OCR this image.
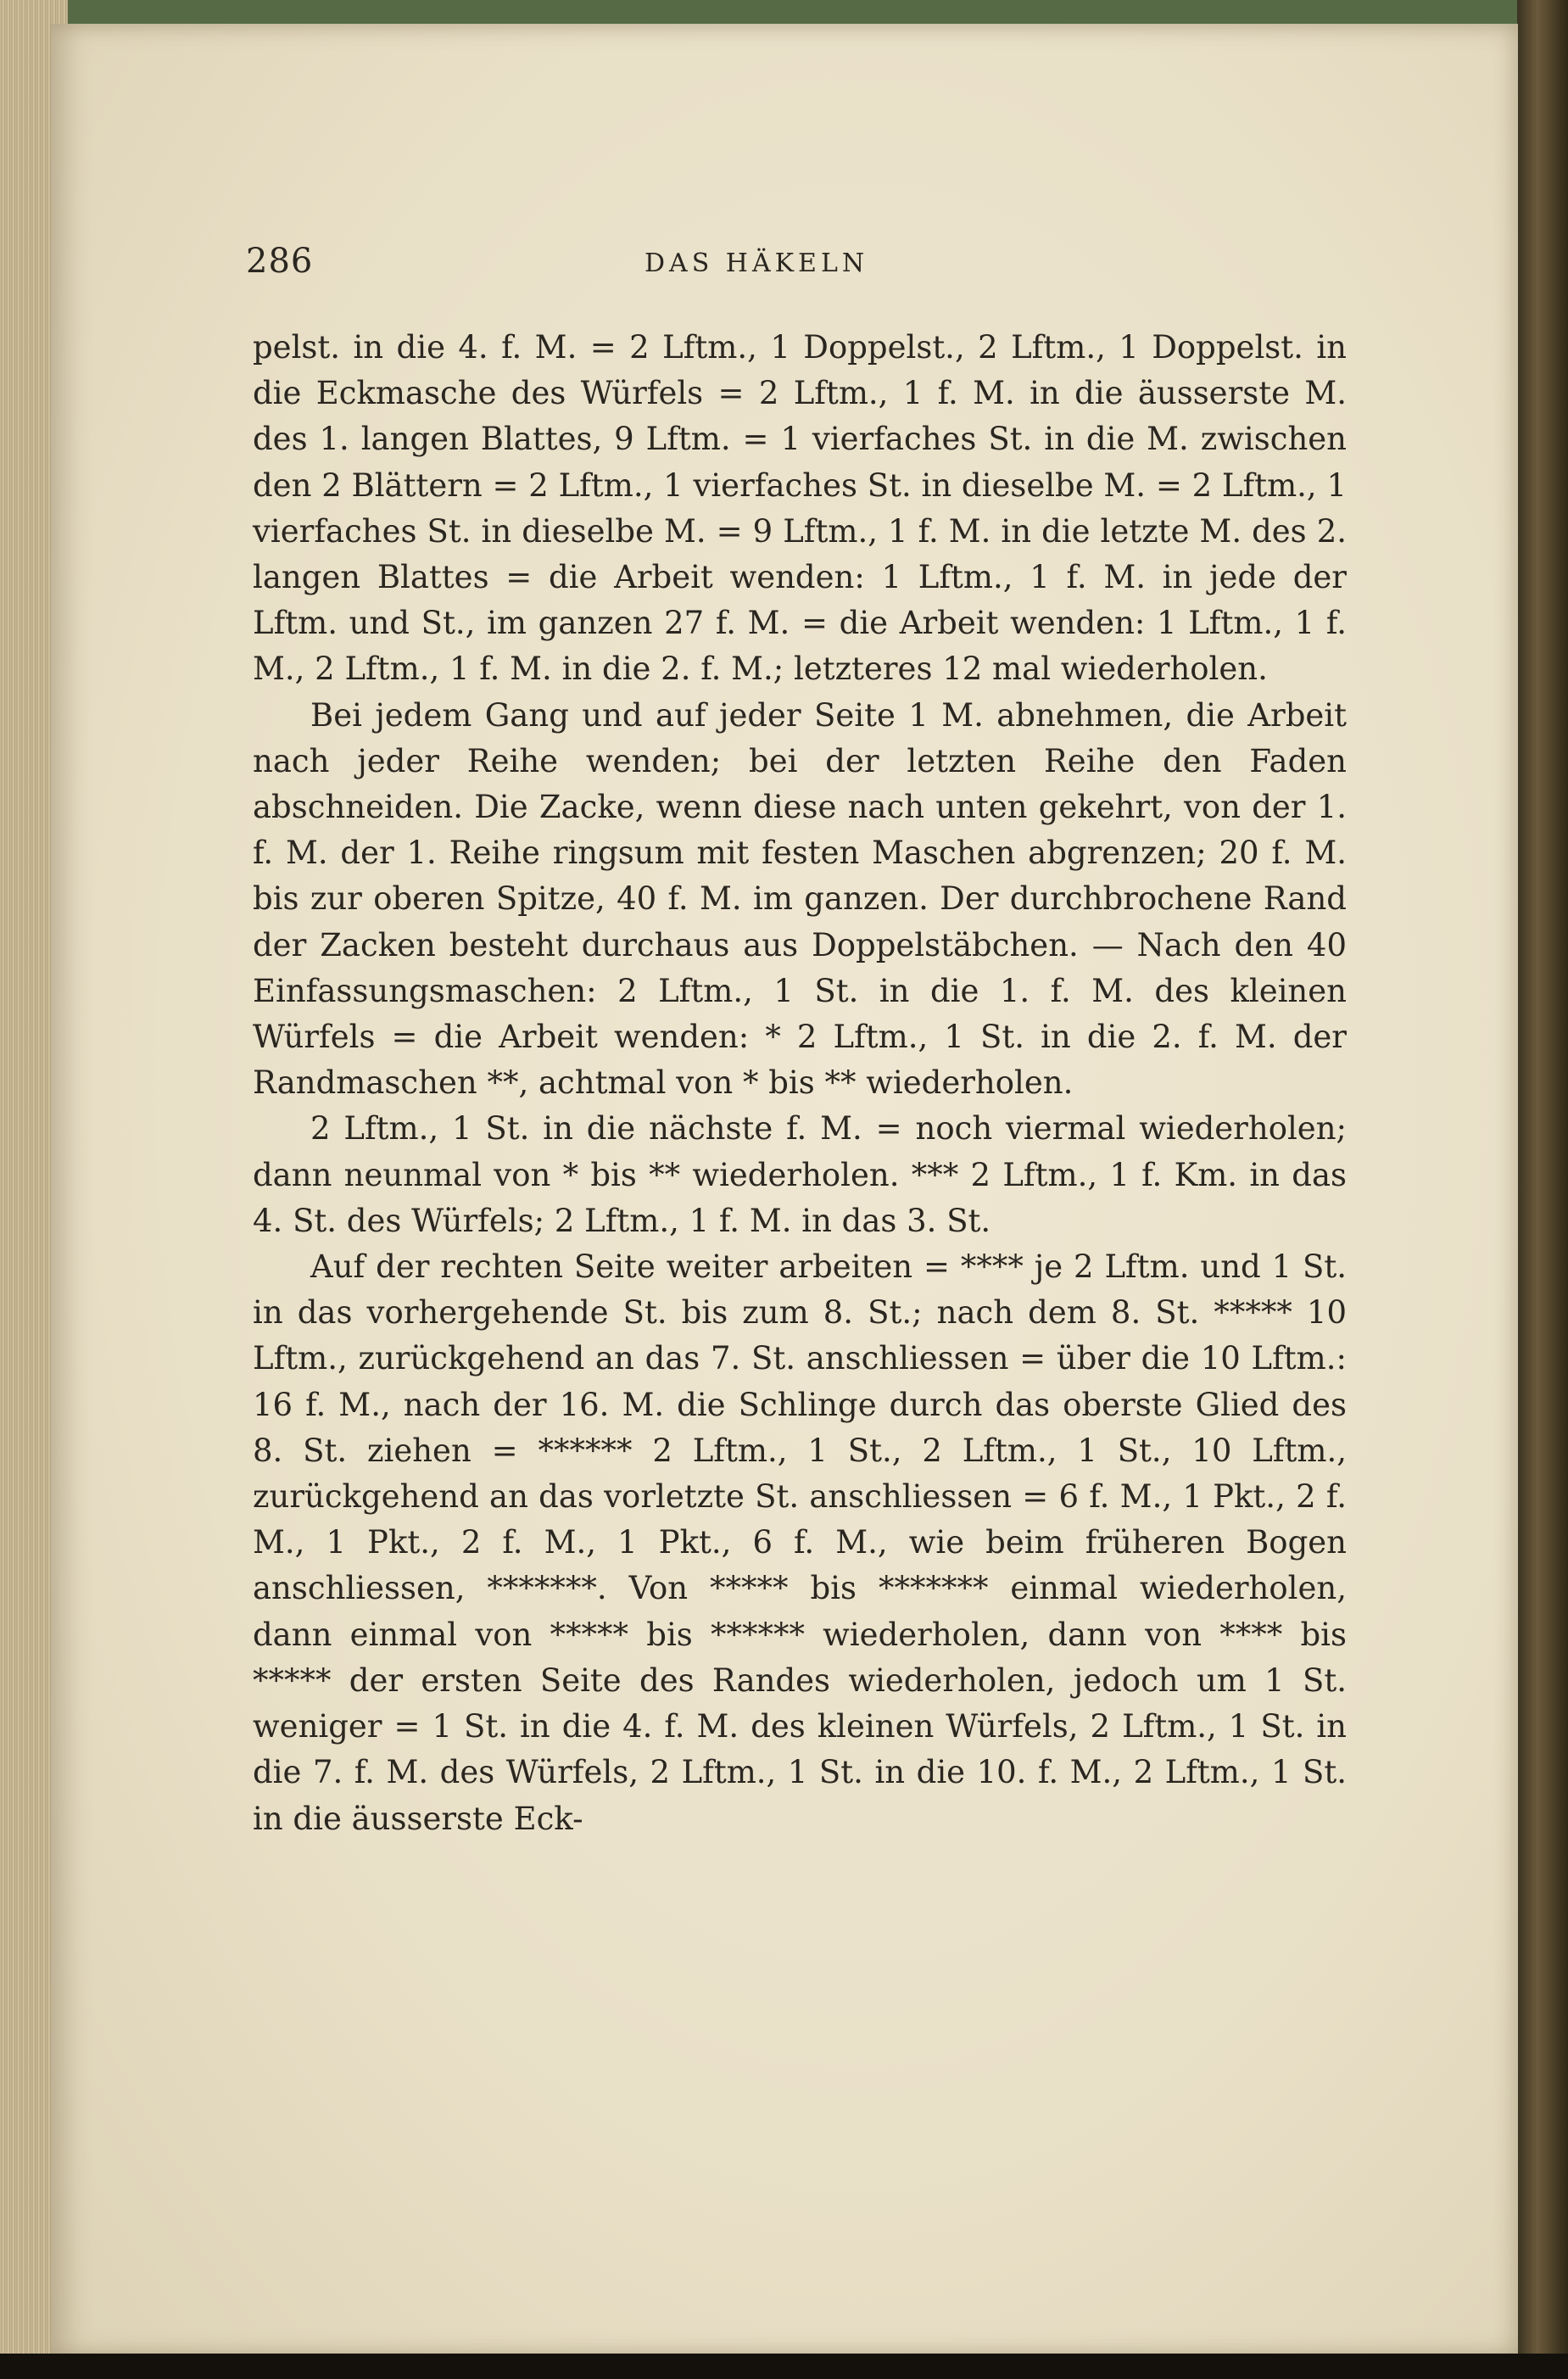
286	DAS HÄKELN

pelst. in die 4. f. M. = 2 Lftm., 1 Doppelst., 2 Lftm., 1 Doppelst. in die Eckmasche des Würfels = 2 Lftm., 1 f. M. in die äusserste M. des 1. langen Blattes, 9 Lftm. = 1 vierfaches St. in die M. zwischen den 2 Blättern = 2 Lftm., 1 vierfaches St. in dieselbe M. = 2 Lftm., 1 vierfaches St. in dieselbe M. = 9 Lftm., 1 f. M. in die letzte M. des 2. langen Blattes = die Arbeit wenden: 1 Lftm., 1 f. M. in jede der Lftm. und St., im ganzen 27 f. M. = die Arbeit wenden: 1 Lftm., 1 f. M., 2 Lftm., 1 f. M. in die 2. f. M.; letzteres 12 mal wiederholen.

Bei jedem Gang und auf jeder Seite 1 M. abnehmen, die Arbeit nach jeder Reihe wenden; bei der letzten Reihe den Faden abschneiden. Die Zacke, wenn diese nach unten gekehrt, von der 1. f. M. der 1. Reihe ringsum mit festen Maschen abgrenzen; 20 f. M. bis zur oberen Spitze, 40 f. M. im ganzen. Der durchbrochene Rand der Zacken besteht durchaus aus Doppelstäbchen. — Nach den 40 Einfassungsmaschen: 2 Lftm., 1 St. in die 1. f. M. des kleinen Würfels = die Arbeit wenden: * 2 Lftm., 1 St. in die 2. f. M. der Randmaschen **, achtmal von * bis ** wiederholen.

2 Lftm., 1 St. in die nächste f. M. = noch viermal wiederholen; dann neunmal von * bis ** wiederholen. *** 2 Lftm., 1 f. Km. in das 4. St. des Würfels; 2 Lftm., 1 f. M. in das 3. St.

Auf der rechten Seite weiter arbeiten = **** je 2 Lftm. und 1 St. in das vorhergehende St. bis zum 8. St.; nach dem 8. St. ***** 10 Lftm., zurückgehend an das 7. St. anschliessen = über die 10 Lftm.: 16 f. M., nach der 16. M. die Schlinge durch das oberste Glied des 8. St. ziehen = ****** 2 Lftm., 1 St., 2 Lftm., 1 St., 10 Lftm., zurückgehend an das vorletzte St. anschliessen = 6 f. M., 1 Pkt., 2 f. M., 1 Pkt., 2 f. M., 1 Pkt., 6 f. M., wie beim früheren Bogen anschliessen, *******. Von ***** bis ******* einmal wiederholen, dann einmal von ***** bis ****** wiederholen, dann von **** bis ***** der ersten Seite des Randes wiederholen, jedoch um 1 St. weniger = 1 St. in die 4. f. M. des kleinen Würfels, 2 Lftm., 1 St. in die 7. f. M. des Würfels, 2 Lftm., 1 St. in die 10. f. M., 2 Lftm., 1 St. in die äusserste Eck-
